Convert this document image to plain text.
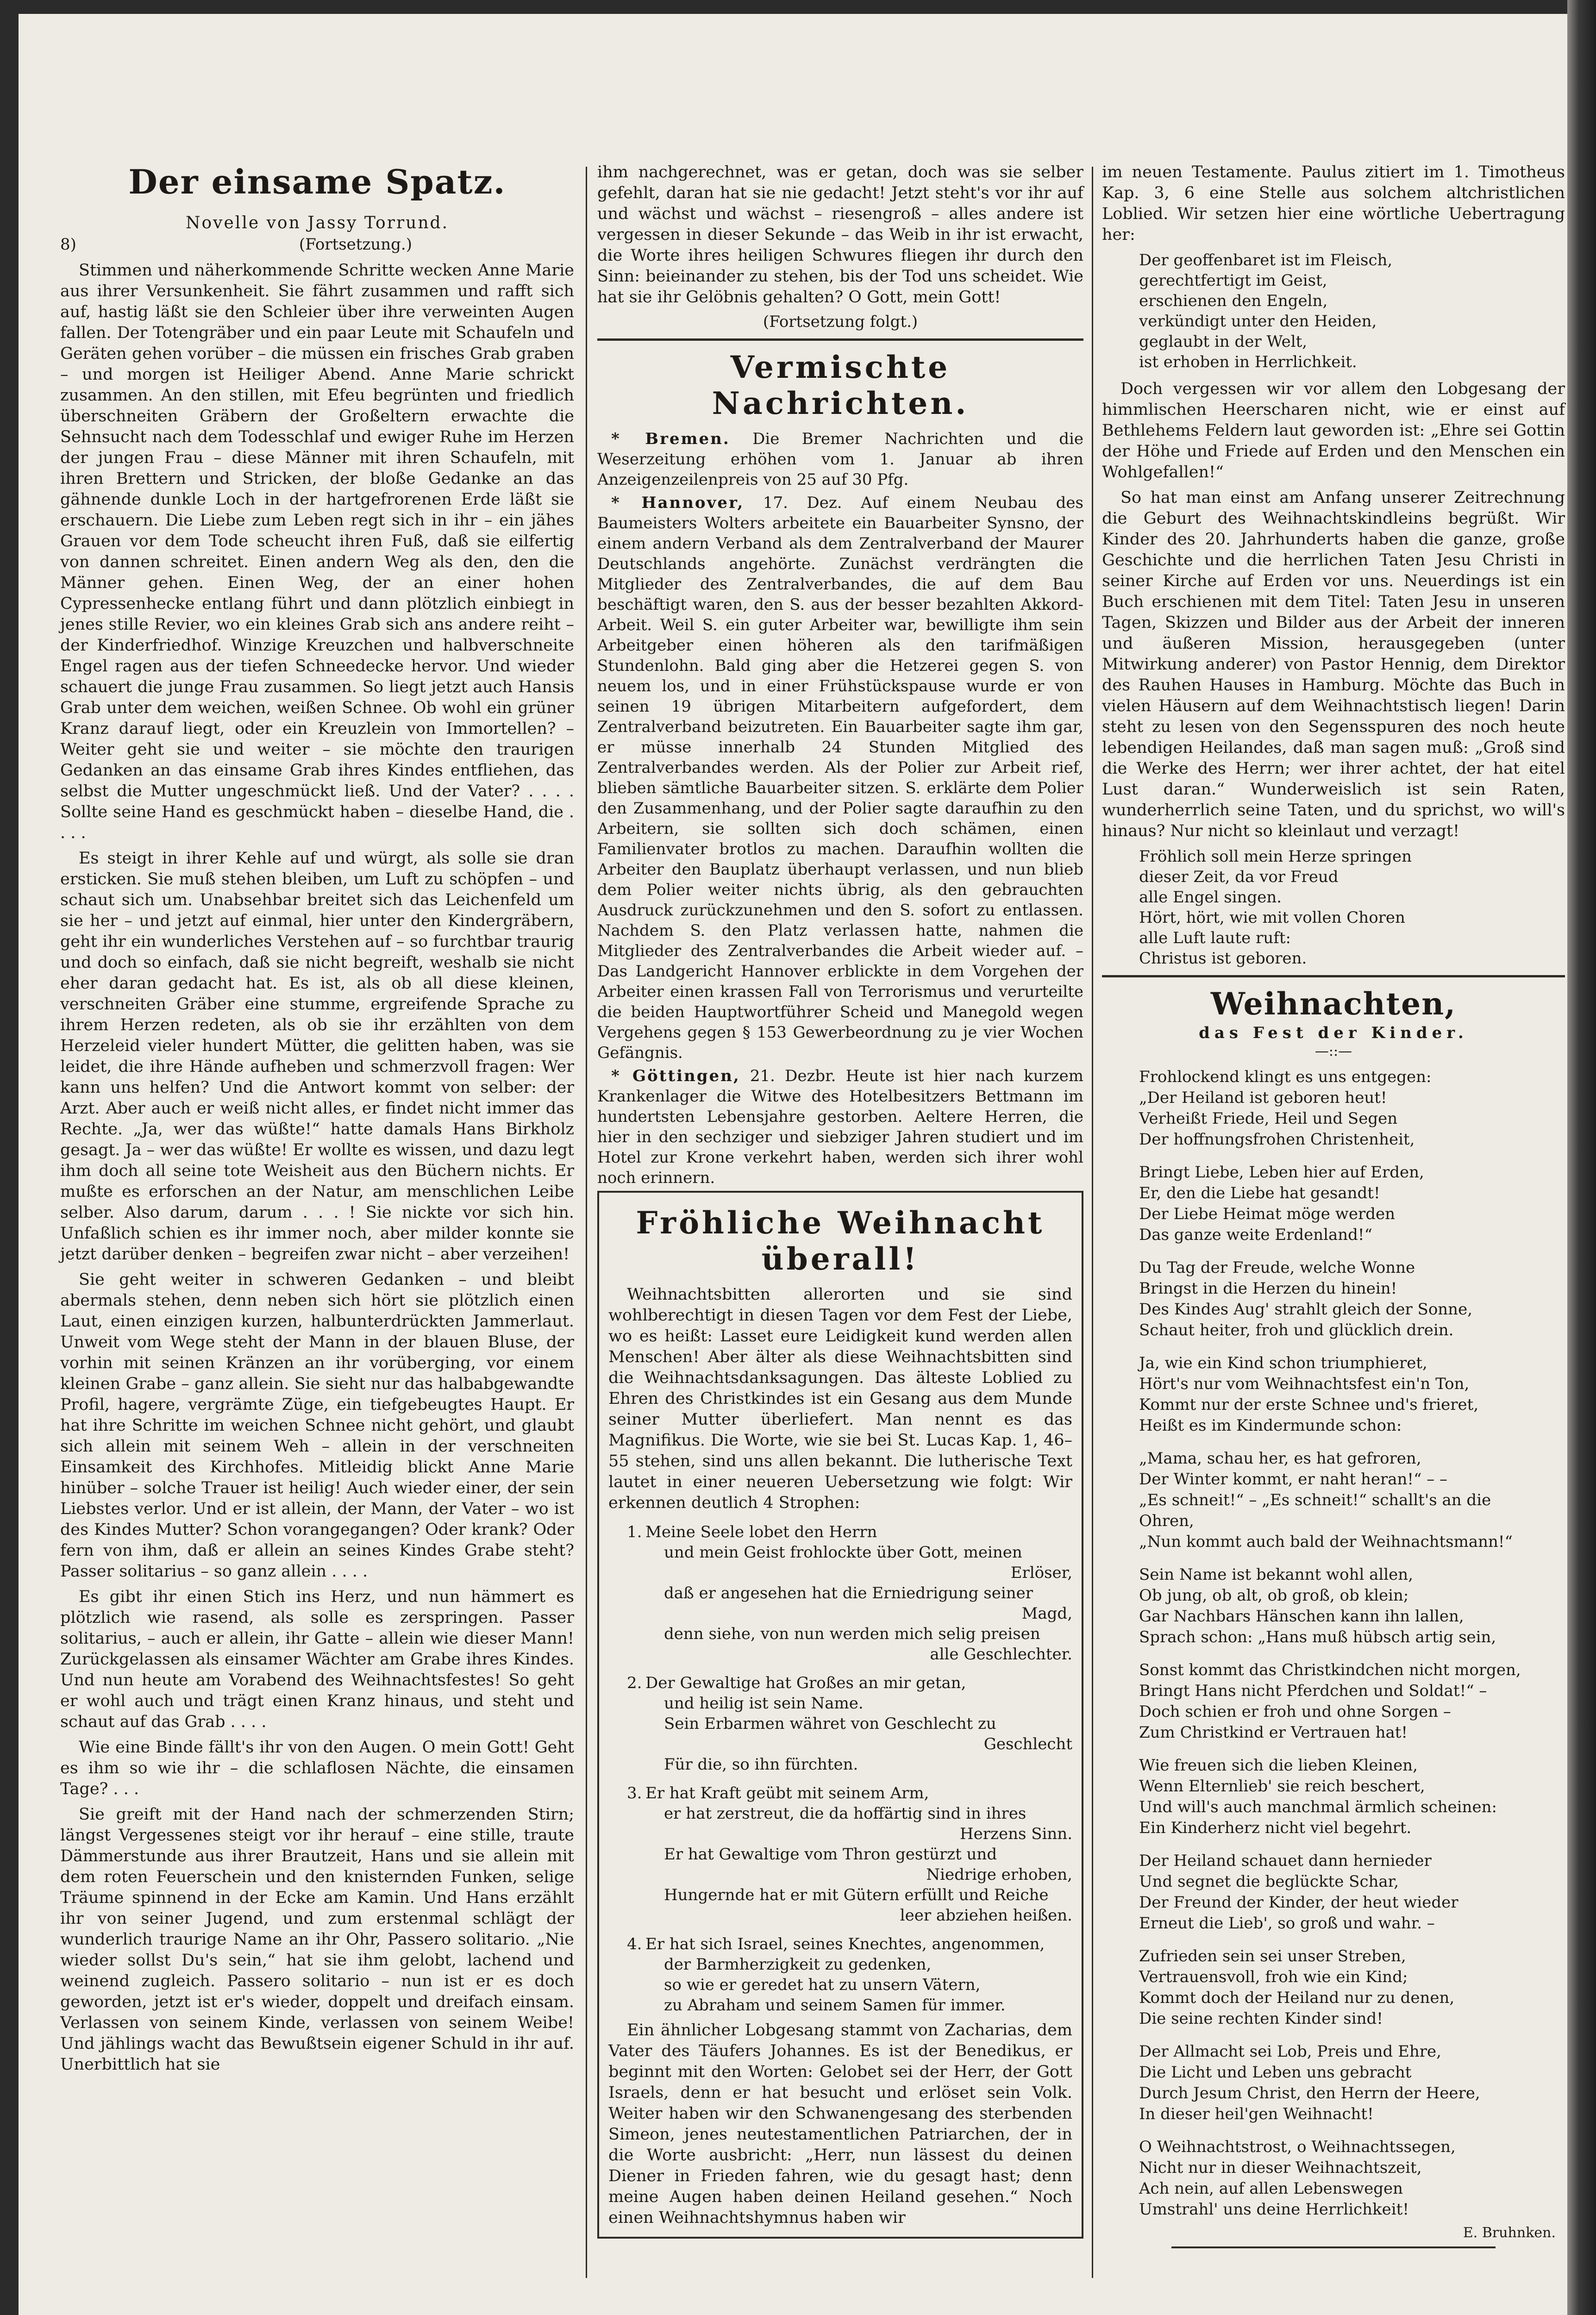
Der einsame Spatz.
Novelle von Jassy Torrund.
8)	(Fortsetzung.)

Stimmen und näherkommende Schritte wecken Anne Marie aus ihrer Versunkenheit. Sie fährt zusammen und rafft sich auf, hastig läßt sie den Schleier über ihre verweinten Augen fallen. Der Totengräber und ein paar Leute mit Schaufeln und Geräten gehen vorüber – die müssen ein frisches Grab graben – und morgen ist Heiliger Abend. Anne Marie schrickt zusammen. An den stillen, mit Efeu begrünten und friedlich überschneiten Gräbern der Großeltern erwachte die Sehnsucht nach dem Todesschlaf und ewiger Ruhe im Herzen der jungen Frau – diese Männer mit ihren Schaufeln, mit ihren Brettern und Stricken, der bloße Gedanke an das gähnende dunkle Loch in der hartgefrorenen Erde läßt sie erschauern. Die Liebe zum Leben regt sich in ihr – ein jähes Grauen vor dem Tode scheucht ihren Fuß, daß sie eilfertig von dannen schreitet. Einen andern Weg als den, den die Männer gehen. Einen Weg, der an einer hohen Cypressenhecke entlang führt und dann plötzlich einbiegt in jenes stille Revier, wo ein kleines Grab sich ans andere reiht – der Kinderfriedhof. Winzige Kreuzchen und halbverschneite Engel ragen aus der tiefen Schneedecke hervor. Und wieder schauert die junge Frau zusammen. So liegt jetzt auch Hansis Grab unter dem weichen, weißen Schnee. Ob wohl ein grüner Kranz darauf liegt, oder ein Kreuzlein von Immortellen? – Weiter geht sie und weiter – sie möchte den traurigen Gedanken an das einsame Grab ihres Kindes entfliehen, das selbst die Mutter ungeschmückt ließ. Und der Vater? . . . . Sollte seine Hand es geschmückt haben – dieselbe Hand, die . . . .

Es steigt in ihrer Kehle auf und würgt, als solle sie dran ersticken. Sie muß stehen bleiben, um Luft zu schöpfen – und schaut sich um. Unabsehbar breitet sich das Leichenfeld um sie her – und jetzt auf einmal, hier unter den Kindergräbern, geht ihr ein wunderliches Verstehen auf – so furchtbar traurig und doch so einfach, daß sie nicht begreift, weshalb sie nicht eher daran gedacht hat. Es ist, als ob all diese kleinen, verschneiten Gräber eine stumme, ergreifende Sprache zu ihrem Herzen redeten, als ob sie ihr erzählten von dem Herzeleid vieler hundert Mütter, die gelitten haben, was sie leidet, die ihre Hände aufheben und schmerzvoll fragen: Wer kann uns helfen? Und die Antwort kommt von selber: der Arzt. Aber auch er weiß nicht alles, er findet nicht immer das Rechte. „Ja, wer das wüßte!“ hatte damals Hans Birkholz gesagt. Ja – wer das wüßte! Er wollte es wissen, und dazu legt ihm doch all seine tote Weisheit aus den Büchern nichts. Er mußte es erforschen an der Natur, am menschlichen Leibe selber. Also darum, darum . . . ! Sie nickte vor sich hin. Unfaßlich schien es ihr immer noch, aber milder konnte sie jetzt darüber denken – begreifen zwar nicht – aber verzeihen!

Sie geht weiter in schweren Gedanken – und bleibt abermals stehen, denn neben sich hört sie plötzlich einen Laut, einen einzigen kurzen, halbunterdrückten Jammerlaut. Unweit vom Wege steht der Mann in der blauen Bluse, der vorhin mit seinen Kränzen an ihr vorüberging, vor einem kleinen Grabe – ganz allein. Sie sieht nur das halbabgewandte Profil, hagere, vergrämte Züge, ein tiefgebeugtes Haupt. Er hat ihre Schritte im weichen Schnee nicht gehört, und glaubt sich allein mit seinem Weh – allein in der verschneiten Einsamkeit des Kirchhofes. Mitleidig blickt Anne Marie hinüber – solche Trauer ist heilig! Auch wieder einer, der sein Liebstes verlor. Und er ist allein, der Mann, der Vater – wo ist des Kindes Mutter? Schon vorangegangen? Oder krank? Oder fern von ihm, daß er allein an seines Kindes Grabe steht? Passer solitarius – so ganz allein . . . .

Es gibt ihr einen Stich ins Herz, und nun hämmert es plötzlich wie rasend, als solle es zerspringen. Passer solitarius, – auch er allein, ihr Gatte – allein wie dieser Mann! Zurückgelassen als einsamer Wächter am Grabe ihres Kindes. Und nun heute am Vorabend des Weihnachtsfestes! So geht er wohl auch und trägt einen Kranz hinaus, und steht und schaut auf das Grab . . . .

Wie eine Binde fällt's ihr von den Augen. O mein Gott! Geht es ihm so wie ihr – die schlaflosen Nächte, die einsamen Tage? . . .

Sie greift mit der Hand nach der schmerzenden Stirn; längst Vergessenes steigt vor ihr herauf – eine stille, traute Dämmerstunde aus ihrer Brautzeit, Hans und sie allein mit dem roten Feuerschein und den knisternden Funken, selige Träume spinnend in der Ecke am Kamin. Und Hans erzählt ihr von seiner Jugend, und zum erstenmal schlägt der wunderlich traurige Name an ihr Ohr, Passero solitario. „Nie wieder sollst Du's sein,“ hat sie ihm gelobt, lachend und weinend zugleich. Passero solitario – nun ist er es doch geworden, jetzt ist er's wieder, doppelt und dreifach einsam. Verlassen von seinem Kinde, verlassen von seinem Weibe! Und jählings wacht das Bewußtsein eigener Schuld in ihr auf. Unerbittlich hat sie

ihm nachgerechnet, was er getan, doch was sie selber gefehlt, daran hat sie nie gedacht! Jetzt steht's vor ihr auf und wächst und wächst – riesengroß – alles andere ist vergessen in dieser Sekunde – das Weib in ihr ist erwacht, die Worte ihres heiligen Schwures fliegen ihr durch den Sinn: beieinander zu stehen, bis der Tod uns scheidet. Wie hat sie ihr Gelöbnis gehalten? O Gott, mein Gott!

(Fortsetzung folgt.)
Vermischte Nachrichten.
* Bremen. Die Bremer Nachrichten und die Weserzeitung erhöhen vom 1. Januar ab ihren Anzeigenzeilenpreis von 25 auf 30 Pfg.
* Hannover, 17. Dez. Auf einem Neubau des Baumeisters Wolters arbeitete ein Bauarbeiter Synsno, der einem andern Verband als dem Zentralverband der Maurer Deutschlands angehörte. Zunächst verdrängten die Mitglieder des Zentralverbandes, die auf dem Bau beschäftigt waren, den S. aus der besser bezahlten Akkord-Arbeit. Weil S. ein guter Arbeiter war, bewilligte ihm sein Arbeitgeber einen höheren als den tarifmäßigen Stundenlohn. Bald ging aber die Hetzerei gegen S. von neuem los, und in einer Frühstückspause wurde er von seinen 19 übrigen Mitarbeitern aufgefordert, dem Zentralverband beizutreten. Ein Bauarbeiter sagte ihm gar, er müsse innerhalb 24 Stunden Mitglied des Zentralverbandes werden. Als der Polier zur Arbeit rief, blieben sämtliche Bauarbeiter sitzen. S. erklärte dem Polier den Zusammenhang, und der Polier sagte daraufhin zu den Arbeitern, sie sollten sich doch schämen, einen Familienvater brotlos zu machen. Daraufhin wollten die Arbeiter den Bauplatz überhaupt verlassen, und nun blieb dem Polier weiter nichts übrig, als den gebrauchten Ausdruck zurückzunehmen und den S. sofort zu entlassen. Nachdem S. den Platz verlassen hatte, nahmen die Mitglieder des Zentralverbandes die Arbeit wieder auf. – Das Landgericht Hannover erblickte in dem Vorgehen der Arbeiter einen krassen Fall von Terrorismus und verurteilte die beiden Hauptwortführer Scheid und Manegold wegen Vergehens gegen § 153 Gewerbeordnung zu je vier Wochen Gefängnis.
* Göttingen, 21. Dezbr. Heute ist hier nach kurzem Krankenlager die Witwe des Hotelbesitzers Bettmann im hundertsten Lebensjahre gestorben. Aeltere Herren, die hier in den sechziger und siebziger Jahren studiert und im Hotel zur Krone verkehrt haben, werden sich ihrer wohl noch erinnern.
Fröhliche Weihnacht überall!

Weihnachtsbitten allerorten und sie sind wohlberechtigt in diesen Tagen vor dem Fest der Liebe, wo es heißt: Lasset eure Leidigkeit kund werden allen Menschen! Aber älter als diese Weihnachtsbitten sind die Weihnachtsdanksagungen. Das älteste Loblied zu Ehren des Christkindes ist ein Gesang aus dem Munde seiner Mutter überliefert. Man nennt es das Magnifikus. Die Worte, wie sie bei St. Lucas Kap. 1, 46–55 stehen, sind uns allen bekannt. Die lutherische Text lautet in einer neueren Uebersetzung wie folgt: Wir erkennen deutlich 4 Strophen:

1. Meine Seele lobet den Herrn
und mein Geist frohlockte über Gott, meinen
Erlöser,
daß er angesehen hat die Erniedrigung seiner
Magd,
denn siehe, von nun werden mich selig preisen
alle Geschlechter.
2. Der Gewaltige hat Großes an mir getan,
und heilig ist sein Name.
Sein Erbarmen währet von Geschlecht zu
Geschlecht
Für die, so ihn fürchten.
3. Er hat Kraft geübt mit seinem Arm,
er hat zerstreut, die da hoffärtig sind in ihres
Herzens Sinn.
Er hat Gewaltige vom Thron gestürzt und
Niedrige erhoben,
Hungernde hat er mit Gütern erfüllt und Reiche
leer abziehen heißen.
4. Er hat sich Israel, seines Knechtes, angenommen,
der Barmherzigkeit zu gedenken,
so wie er geredet hat zu unsern Vätern,
zu Abraham und seinem Samen für immer.

Ein ähnlicher Lobgesang stammt von Zacharias, dem Vater des Täufers Johannes. Es ist der Benedikus, er beginnt mit den Worten: Gelobet sei der Herr, der Gott Israels, denn er hat besucht und erlöset sein Volk. Weiter haben wir den Schwanengesang des sterbenden Simeon, jenes neutestamentlichen Patriarchen, der in die Worte ausbricht: „Herr, nun lässest du deinen Diener in Frieden fahren, wie du gesagt hast; denn meine Augen haben deinen Heiland gesehen.“ Noch einen Weihnachtshymnus haben wir

im neuen Testamente. Paulus zitiert im 1. Timotheus Kap. 3, 6 eine Stelle aus solchem altchristlichen Loblied. Wir setzen hier eine wörtliche Uebertragung her:

Der geoffenbaret ist im Fleisch,
gerechtfertigt im Geist,
erschienen den Engeln,
verkündigt unter den Heiden,
geglaubt in der Welt,
ist erhoben in Herrlichkeit.

Doch vergessen wir vor allem den Lobgesang der himmlischen Heerscharen nicht, wie er einst auf Bethlehems Feldern laut geworden ist: „Ehre sei Gottin der Höhe und Friede auf Erden und den Menschen ein Wohlgefallen!“

So hat man einst am Anfang unserer Zeitrechnung die Geburt des Weihnachtskindleins begrüßt. Wir Kinder des 20. Jahrhunderts haben die ganze, große Geschichte und die herrlichen Taten Jesu Christi in seiner Kirche auf Erden vor uns. Neuerdings ist ein Buch erschienen mit dem Titel: Taten Jesu in unseren Tagen, Skizzen und Bilder aus der Arbeit der inneren und äußeren Mission, herausgegeben (unter Mitwirkung anderer) von Pastor Hennig, dem Direktor des Rauhen Hauses in Hamburg. Möchte das Buch in vielen Häusern auf dem Weihnachtstisch liegen! Darin steht zu lesen von den Segensspuren des noch heute lebendigen Heilandes, daß man sagen muß: „Groß sind die Werke des Herrn; wer ihrer achtet, der hat eitel Lust daran.“ Wunderweislich ist sein Raten, wunderherrlich seine Taten, und du sprichst, wo will's hinaus? Nur nicht so kleinlaut und verzagt!

Fröhlich soll mein Herze springen
dieser Zeit, da vor Freud
alle Engel singen.
Hört, hört, wie mit vollen Choren
alle Luft laute ruft:
Christus ist geboren.
Weihnachten,
das Fest der Kinder.
—::—
Frohlockend klingt es uns entgegen:
„Der Heiland ist geboren heut!
Verheißt Friede, Heil und Segen
Der hoffnungsfrohen Christenheit,
Bringt Liebe, Leben hier auf Erden,
Er, den die Liebe hat gesandt!
Der Liebe Heimat möge werden
Das ganze weite Erdenland!“
Du Tag der Freude, welche Wonne
Bringst in die Herzen du hinein!
Des Kindes Aug' strahlt gleich der Sonne,
Schaut heiter, froh und glücklich drein.
Ja, wie ein Kind schon triumphieret,
Hört's nur vom Weihnachtsfest ein'n Ton,
Kommt nur der erste Schnee und's frieret,
Heißt es im Kindermunde schon:
„Mama, schau her, es hat gefroren,
Der Winter kommt, er naht heran!“ – –
„Es schneit!“ – „Es schneit!“ schallt's an die
Ohren,
„Nun kommt auch bald der Weihnachtsmann!“
Sein Name ist bekannt wohl allen,
Ob jung, ob alt, ob groß, ob klein;
Gar Nachbars Hänschen kann ihn lallen,
Sprach schon: „Hans muß hübsch artig sein,
Sonst kommt das Christkindchen nicht morgen,
Bringt Hans nicht Pferdchen und Soldat!“ –
Doch schien er froh und ohne Sorgen –
Zum Christkind er Vertrauen hat!
Wie freuen sich die lieben Kleinen,
Wenn Elternlieb' sie reich beschert,
Und will's auch manchmal ärmlich scheinen:
Ein Kinderherz nicht viel begehrt.
Der Heiland schauet dann hernieder
Und segnet die beglückte Schar,
Der Freund der Kinder, der heut wieder
Erneut die Lieb', so groß und wahr. –
Zufrieden sein sei unser Streben,
Vertrauensvoll, froh wie ein Kind;
Kommt doch der Heiland nur zu denen,
Die seine rechten Kinder sind!
Der Allmacht sei Lob, Preis und Ehre,
Die Licht und Leben uns gebracht
Durch Jesum Christ, den Herrn der Heere,
In dieser heil'gen Weihnacht!
O Weihnachtstrost, o Weihnachtssegen,
Nicht nur in dieser Weihnachtszeit,
Ach nein, auf allen Lebenswegen
Umstrahl' uns deine Herrlichkeit!
E. Bruhnken.
